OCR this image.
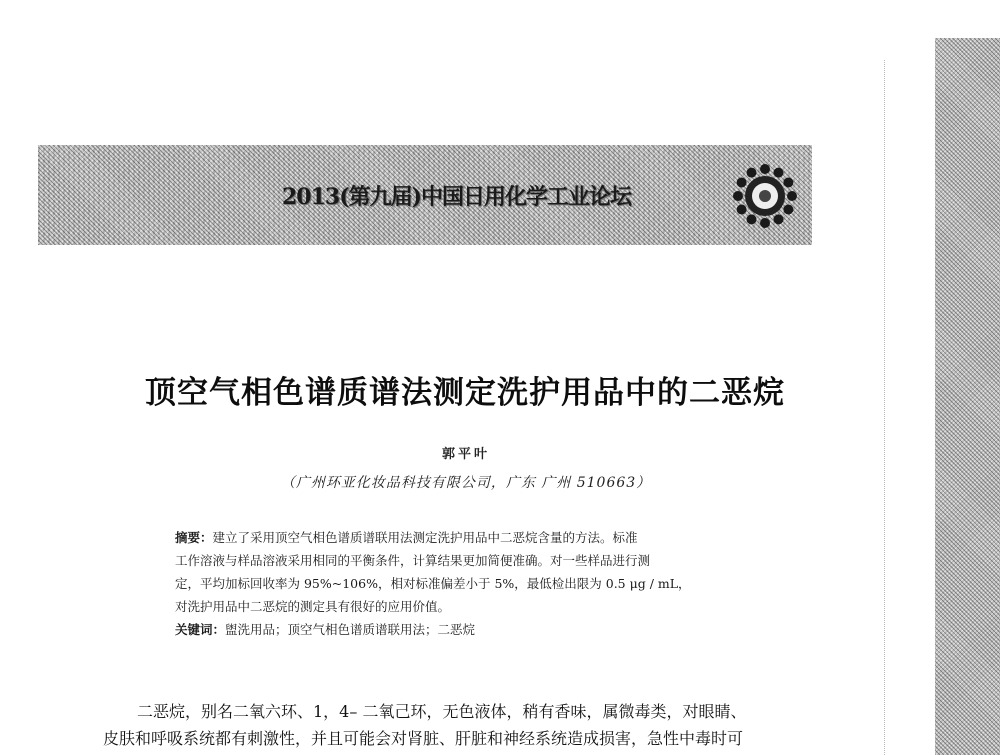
2013(第九届)中国日用化学工业论坛
顶空气相色谱质谱法测定洗护用品中的二恶烷
郭平叶
（广州环亚化妆品科技有限公司，广东 广州 510663）
摘要：建立了采用顶空气相色谱质谱联用法测定洗护用品中二恶烷含量的方法。标准
工作溶液与样品溶液采用相同的平衡条件，计算结果更加简便准确。对一些样品进行测
定，平均加标回收率为 95%~106%，相对标准偏差小于 5%，最低检出限为 0.5 μg / mL，
对洗护用品中二恶烷的测定具有很好的应用价值。
关键词：盥洗用品；顶空气相色谱质谱联用法；二恶烷
二恶烷，别名二氧六环、1，4– 二氧己环，无色液体，稍有香味，属微毒类，对眼睛、
皮肤和呼吸系统都有刺激性，并且可能会对肾脏、肝脏和神经系统造成损害，急性中毒时可
